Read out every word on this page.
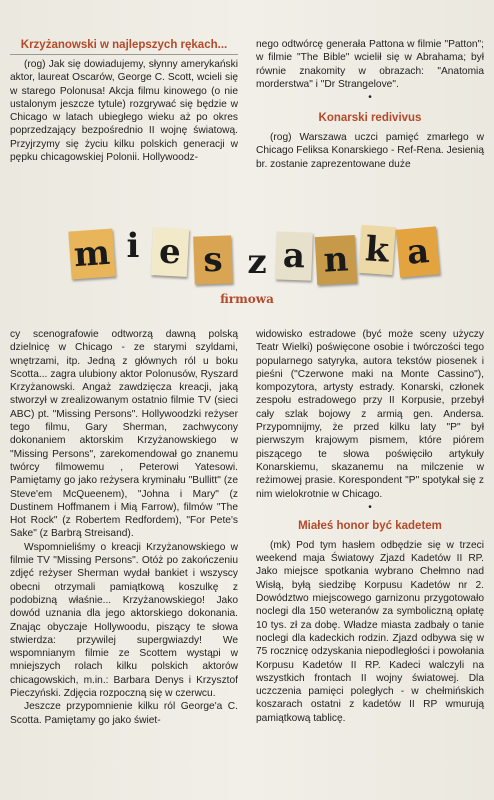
Krzyżanowski w najlepszych rękach...

(rog) Jak się dowiadujemy, słynny amerykański aktor, laureat Oscarów, George C. Scott, wcieli się w starego Polonusa! Akcja filmu kinowego (o nie ustalonym jeszcze tytule) rozgrywać się będzie w Chicago w latach ubiegłego wieku aż po okres poprzedzający bezpośrednio II wojnę światową. Przyjrzymy się życiu kilku polskich generacji w pępku chicagowskiej Polonii. Hollywoodz-

nego odtwórcę generała Pattona w filmie "Patton"; w filmie "The Bible" wcielił się w Abrahama; był równie znakomity w obrazach: "Anatomia morderstwa" i "Dr Strangelove".

•
Konarski redivivus

(rog) Warszawa uczci pamięć zmarłego w Chicago Feliksa Konarskiego - Ref-Rena. Jesienią br. zostanie zaprezentowane duże

m i e s z a n k a
firmowa

cy scenografowie odtworzą dawną polską dzielnicę w Chicago - ze starymi szyldami, wnętrzami, itp. Jedną z głównych ról u boku Scotta... zagra ulubiony aktor Polonusów, Ryszard Krzyżanowski. Angaż zawdzięcza kreacji, jaką stworzył w zrealizowanym ostatnio filmie TV (sieci ABC) pt. "Missing Persons". Hollywoodzki reżyser tego filmu, Gary Sherman, zachwycony dokonaniem aktorskim Krzyżanowskiego w "Missing Persons", zarekomendował go znanemu twórcy filmowemu , Peterowi Yatesowi. Pamiętamy go jako reżysera kryminału "Bullitt" (ze Steve'em McQueenem), "Johna i Mary" (z Dustinem Hoffmanem i Mią Farrow), filmów "The Hot Rock" (z Robertem Redfordem), "For Pete's Sake" (z Barbrą Streisand).

Wspomnieliśmy o kreacji Krzyżanowskiego w filmie TV "Missing Persons". Otóż po zakończeniu zdjęć reżyser Sherman wydał bankiet i wszyscy obecni otrzymali pamiątkową koszulkę z podobizną właśnie... Krzyżanowskiego! Jako dowód uznania dla jego aktorskiego dokonania. Znając obyczaje Hollywoodu, piszący te słowa stwierdza: przywilej supergwiazdy! We wspomnianym filmie ze Scottem wystąpi w mniejszych rolach kilku polskich aktorów chicagowskich, m.in.: Barbara Denys i Krzysztof Pieczyński. Zdjęcia rozpoczną się w czerwcu.

Jeszcze przypomnienie kilku ról George'a C. Scotta. Pamiętamy go jako świet-

widowisko estradowe (być może sceny użyczy Teatr Wielki) poświęcone osobie i twórczości tego popularnego satyryka, autora tekstów piosenek i pieśni ("Czerwone maki na Monte Cassino"), kompozytora, artysty estrady. Konarski, członek zespołu estradowego przy II Korpusie, przebył cały szlak bojowy z armią gen. Andersa. Przypomnijmy, że przed kilku laty "P" był pierwszym krajowym pismem, które piórem piszącego te słowa poświęciło artykuły Konarskiemu, skazanemu na milczenie w reżimowej prasie. Korespondent "P" spotykał się z nim wielokrotnie w Chicago.

•
Miałeś honor być kadetem

(mk) Pod tym hasłem odbędzie się w trzeci weekend maja Światowy Zjazd Kadetów II RP. Jako miejsce spotkania wybrano Chełmno nad Wisłą, byłą siedzibę Korpusu Kadetów nr 2. Dowództwo miejscowego garnizonu przygotowało noclegi dla 150 weteranów za symboliczną opłatę 10 tys. zł za dobę. Władze miasta zadbały o tanie noclegi dla kadeckich rodzin. Zjazd odbywa się w 75 rocznicę odzyskania niepodległości i powołania Korpusu Kadetów II RP. Kadeci walczyli na wszystkich frontach II wojny światowej. Dla uczczenia pamięci poległych - w chełmińskich koszarach ostatni z kadetów II RP wmurują pamiątkową tablicę.
